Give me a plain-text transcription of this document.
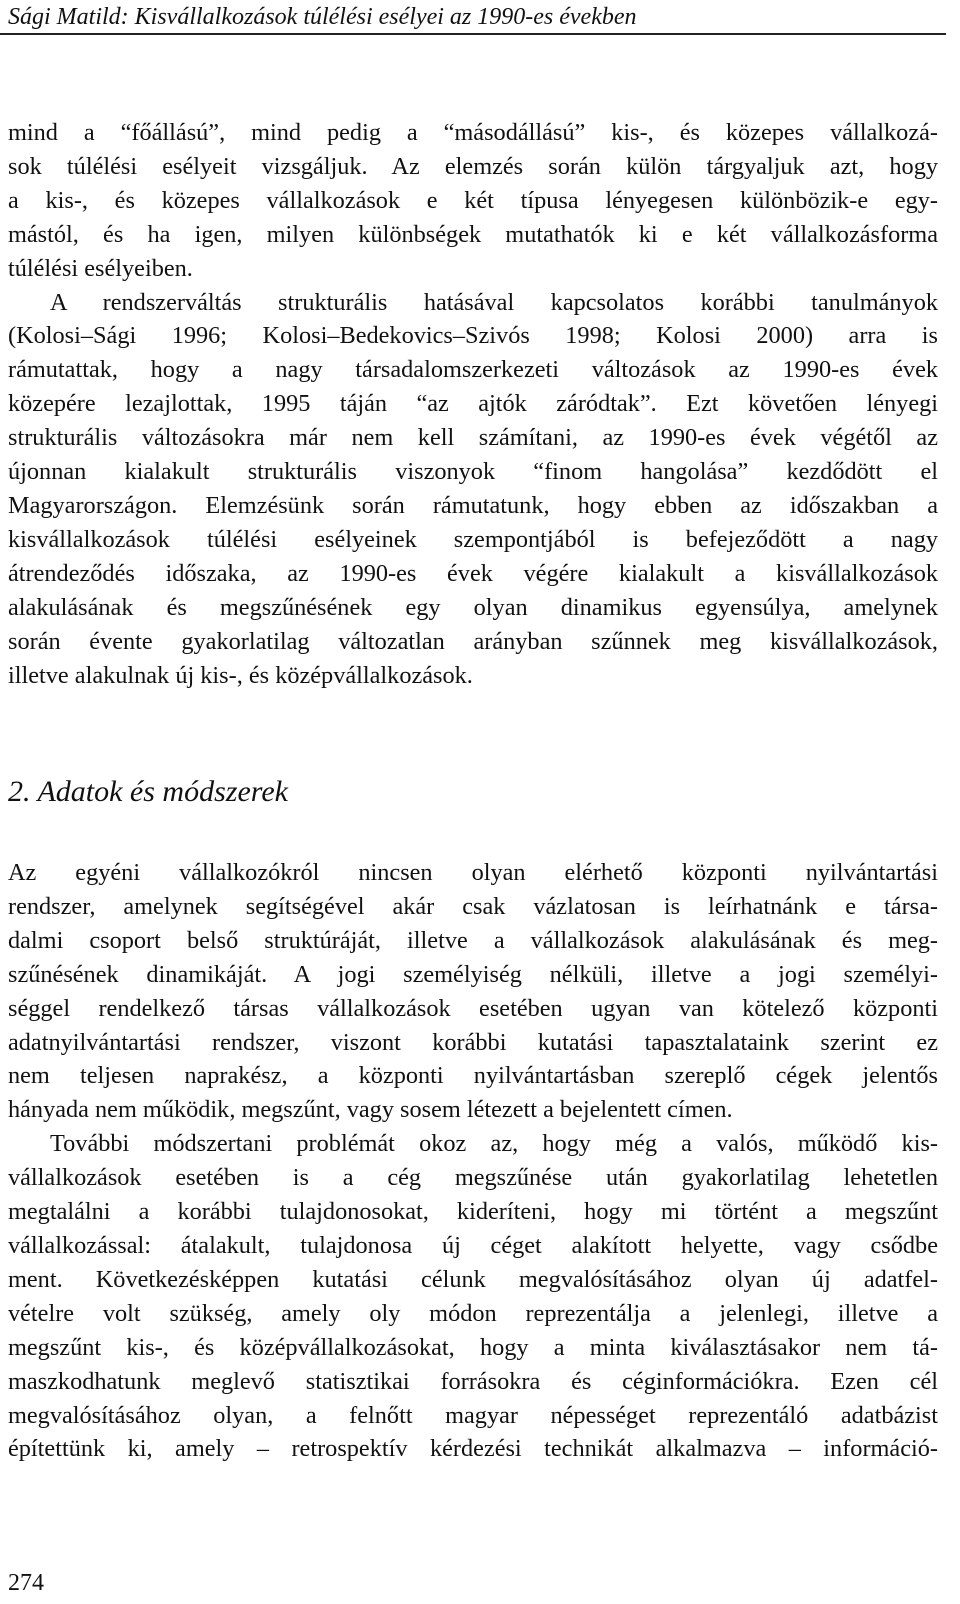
Sági Matild: Kisvállalkozások túlélési esélyei az 1990-es években

mind a “főállású”, mind pedig a “másodállású” kis-, és közepes vállalkozá-
sok túlélési esélyeit vizsgáljuk. Az elemzés során külön tárgyaljuk azt, hogy
a kis-, és közepes vállalkozások e két típusa lényegesen különbözik-e egy-
mástól, és ha igen, milyen különbségek mutathatók ki e két vállalkozásforma
túlélési esélyeiben.

A rendszerváltás strukturális hatásával kapcsolatos korábbi tanulmányok
(Kolosi–Sági 1996; Kolosi–Bedekovics–Szivós 1998; Kolosi 2000) arra is
rámutattak, hogy a nagy társadalomszerkezeti változások az 1990-es évek
közepére lezajlottak, 1995 táján “az ajtók záródtak”. Ezt követően lényegi
strukturális változásokra már nem kell számítani, az 1990-es évek végétől az
újonnan kialakult strukturális viszonyok “finom hangolása” kezdődött el
Magyarországon. Elemzésünk során rámutatunk, hogy ebben az időszakban a
kisvállalkozások túlélési esélyeinek szempontjából is befejeződött a nagy
átrendeződés időszaka, az 1990-es évek végére kialakult a kisvállalkozások
alakulásának és megszűnésének egy olyan dinamikus egyensúlya, amelynek
során évente gyakorlatilag változatlan arányban szűnnek meg kisvállalkozások,
illetve alakulnak új kis-, és középvállalkozások.

2. Adatok és módszerek

Az egyéni vállalkozókról nincsen olyan elérhető központi nyilvántartási
rendszer, amelynek segítségével akár csak vázlatosan is leírhatnánk e társa-
dalmi csoport belső struktúráját, illetve a vállalkozások alakulásának és meg-
szűnésének dinamikáját. A jogi személyiség nélküli, illetve a jogi személyi-
séggel rendelkező társas vállalkozások esetében ugyan van kötelező központi
adatnyilvántartási rendszer, viszont korábbi kutatási tapasztalataink szerint ez
nem teljesen naprakész, a központi nyilvántartásban szereplő cégek jelentős
hányada nem működik, megszűnt, vagy sosem létezett a bejelentett címen.

További módszertani problémát okoz az, hogy még a valós, működő kis-
vállalkozások esetében is a cég megszűnése után gyakorlatilag lehetetlen
megtalálni a korábbi tulajdonosokat, kideríteni, hogy mi történt a megszűnt
vállalkozással: átalakult, tulajdonosa új céget alakított helyette, vagy csődbe
ment. Következésképpen kutatási célunk megvalósításához olyan új adatfel-
vételre volt szükség, amely oly módon reprezentálja a jelenlegi, illetve a
megszűnt kis-, és középvállalkozásokat, hogy a minta kiválasztásakor nem tá-
maszkodhatunk meglevő statisztikai forrásokra és céginformációkra. Ezen cél
megvalósításához olyan, a felnőtt magyar népességet reprezentáló adatbázist
építettünk ki, amely – retrospektív kérdezési technikát alkalmazva – információ-

274
